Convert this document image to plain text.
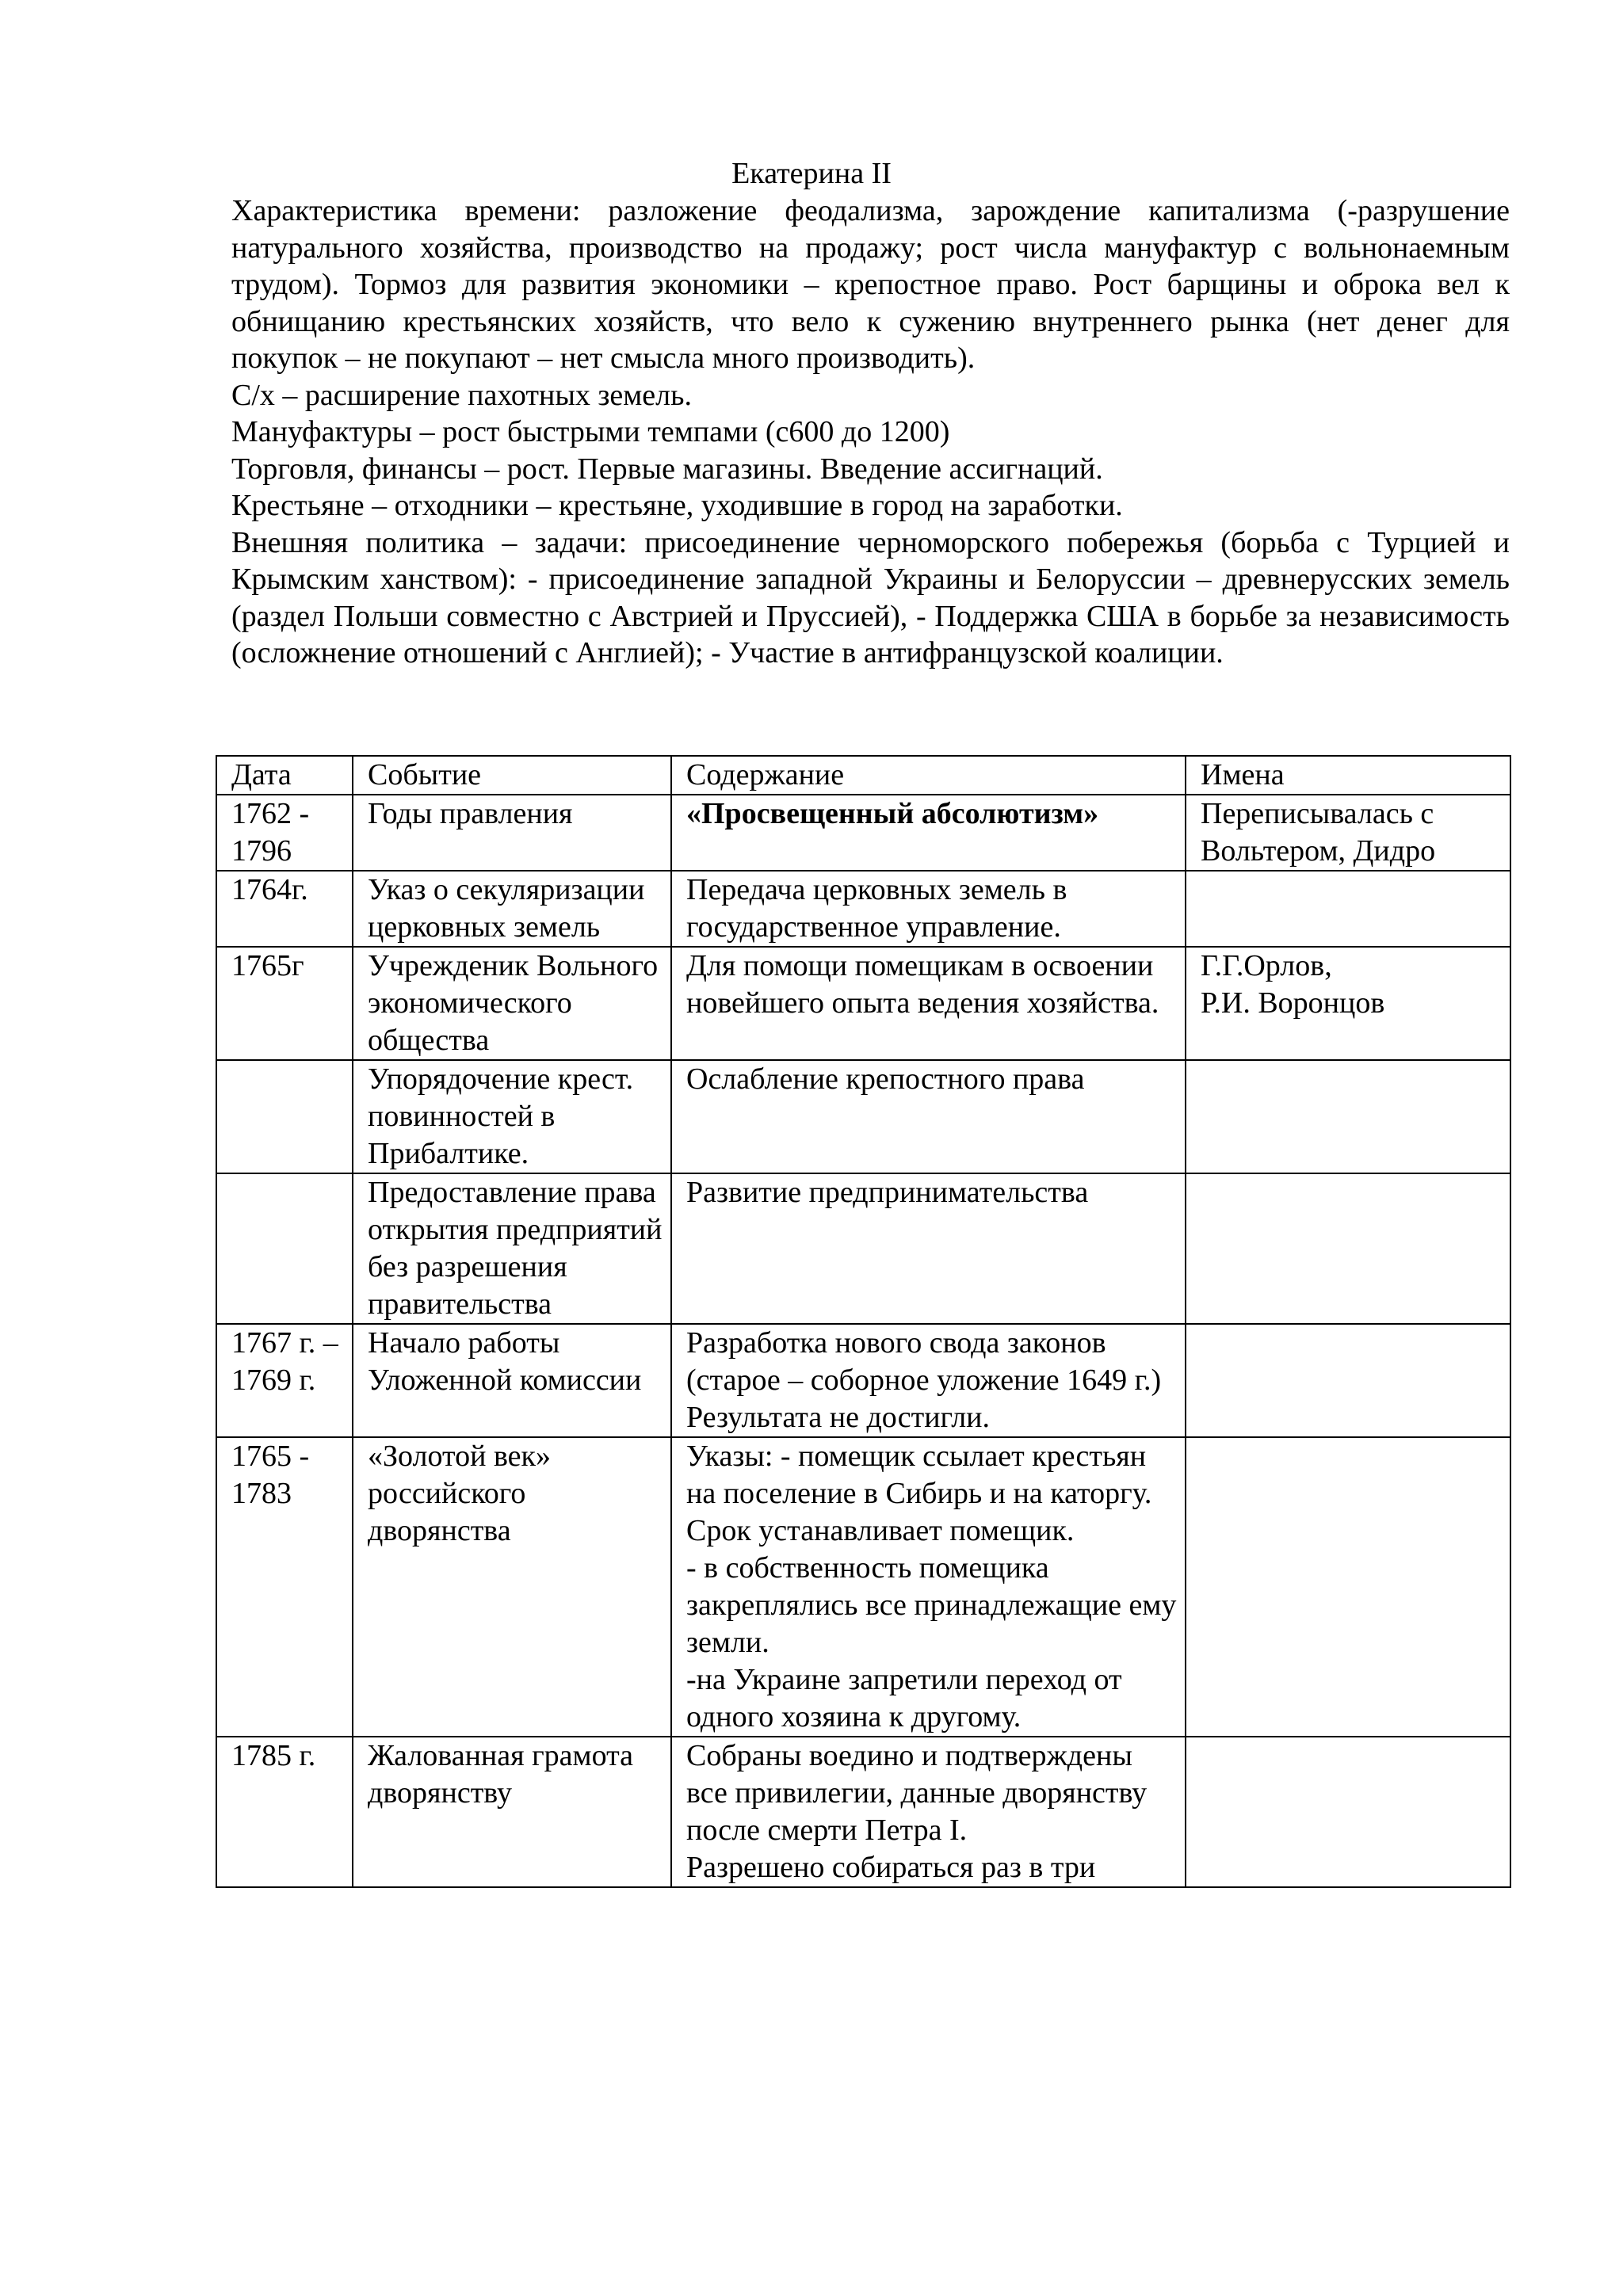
Екатерина II

Характеристика времени: разложение феодализма, зарождение капитализма (-разрушение натурального хозяйства, производство на продажу; рост числа мануфактур с вольнонаемным трудом). Тормоз для развития экономики – крепостное право. Рост барщины и оброка вел к обнищанию крестьянских хозяйств, что вело к сужению внутреннего рынка (нет денег для покупок – не покупают – нет смысла много производить).

С/х – расширение пахотных земель.

Мануфактуры – рост быстрыми темпами (с600 до 1200)

Торговля, финансы – рост. Первые магазины. Введение ассигнаций.

Крестьяне – отходники – крестьяне, уходившие в город на заработки.

Внешняя политика – задачи: присоединение черноморского побережья (борьба с Турцией и Крымским ханством): - присоединение западной Украины и Белоруссии – древнерусских земель (раздел Польши совместно с Австрией и Пруссией), - Поддержка США в борьбе за независимость (осложнение отношений с Англией); - Участие в антифранцузской коалиции.

Дата	Событие	Содержание	Имена
1762 - 1796	Годы правления	«Просвещенный абсолютизм»	Переписывалась с Вольтером, Дидро
1764г.	Указ о секуляризации церковных земель	Передача церковных земель в государственное управление.	

1765г	Учрежденик Вольного экономического общества	Для помощи помещикам в освоении новейшего опыта ведения хозяйства.	Г.Г.Орлов,
Р.И. Воронцов
	Упорядочение крест. повинностей в Прибалтике.	Ослабление крепостного права	

	Предоставление права открытия предприятий без разрешения правительства	Развитие предпринимательства	

1767 г. – 1769 г.	Начало работы Уложенной комиссии	Разработка нового свода законов (старое – соборное уложение 1649 г.)
Результата не достигли.	

1765 - 1783	«Золотой век» российского дворянства	Указы: - помещик ссылает крестьян на поселение в Сибирь и на каторгу. Срок устанавливает помещик.
- в собственность помещика закреплялись все принадлежащие ему земли.
-на Украине запретили переход от одного хозяина к другому.	

1785 г.	Жалованная грамота дворянству	Собраны воедино и подтверждены все привилегии, данные дворянству после смерти Петра I.
Разрешено собираться раз в три	
